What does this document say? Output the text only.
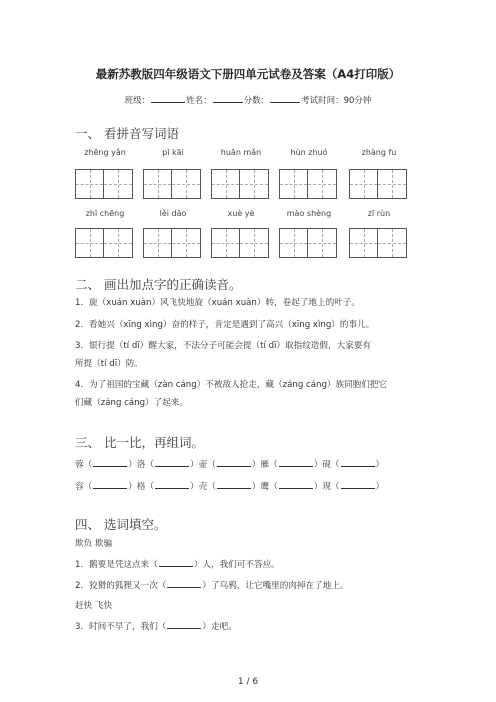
最新苏教版四年级语文下册四单元试卷及答案（A4打印版）
班级：	姓名：	分数：	考试时间：90分钟
一、 看拼音写词语
zhēng yǎn	pī kāi	huān mǎn	hùn zhuó	zhàng fu
zhī chēng	lěi dǎo	xuè yè	mào shèng	zī rùn
二、 画出加点字的正确读音。
1．旋（xuán xuàn）风飞快地旋（xuán xuàn）转，卷起了地上的叶子。
2．看她兴（xīng xìng）奋的样子，肯定是遇到了高兴（xīng xìng）的事儿。
3．银行提（tí dī）醒大家，不法分子可能会提（tí dī）取指纹造假，大家要有
所提（tí dī）防。
4．为了祖国的宝藏（zàn cáng）不被敌人抢走，藏（záng cáng）族同胞们把它
们藏（záng cáng）了起来。
三、 比一比，再组词。
蓉（	）洛（	）壶（	）雁（	）砚（	）
容（	）格（	）壳（	）鹰（	）现（	）
四、 选词填空。
欺负 欺骗
1．鹅要是凭这点来（	）人，我们可不答应。
2．狡猾的狐狸又一次（	）了乌鸦，让它嘴里的肉掉在了地上。
赶快 飞快
3．时间不早了，我们（	）走吧。
1 / 6
